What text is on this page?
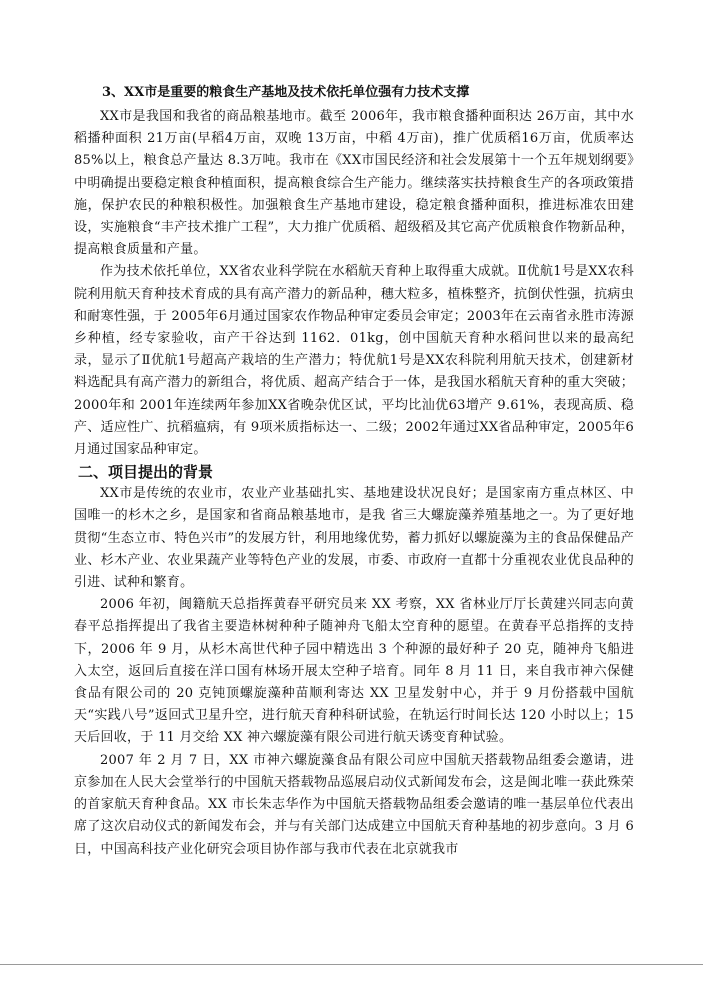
3、XX市是重要的粮食生产基地及技术依托单位强有力技术支撑

XX市是我国和我省的商品粮基地市。截至 2006年，我市粮食播种面积达 26万亩，其中水稻播种面积 21万亩(早稻4万亩，双晚 13万亩，中稻 4万亩)，推广优质稻16万亩，优质率达 85%以上，粮食总产量达 8.3万吨。我市在《XX市国民经济和社会发展第十一个五年规划纲要》中明确提出要稳定粮食种植面积，提高粮食综合生产能力。继续落实扶持粮食生产的各项政策措施，保护农民的种粮积极性。加强粮食生产基地市建设，稳定粮食播种面积，推进标准农田建设，实施粮食“丰产技术推广工程”，大力推广优质稻、超级稻及其它高产优质粮食作物新品种，提高粮食质量和产量。

作为技术依托单位，XX省农业科学院在水稻航天育种上取得重大成就。Ⅱ优航1号是XX农科院利用航天育种技术育成的具有高产潜力的新品种，穗大粒多，植株整齐，抗倒伏性强，抗病虫和耐寒性强，于 2005年6月通过国家农作物品种审定委员会审定；2003年在云南省永胜市涛源乡种植，经专家验收，亩产干谷达到 1162．01kg，创中国航天育种水稻问世以来的最高纪录，显示了Ⅱ优航1号超高产栽培的生产潜力；特优航1号是XX农科院利用航天技术，创建新材料选配具有高产潜力的新组合，将优质、超高产结合于一体，是我国水稻航天育种的重大突破；2000年和 2001年连续两年参加XX省晚杂优区试，平均比汕优63增产 9.61%，表现高质、稳产、适应性广、抗稻瘟病，有 9项米质指标达一、二级；2002年通过XX省品种审定，2005年6月通过国家品种审定。

二、项目提出的背景

XX市是传统的农业市，农业产业基础扎实、基地建设状况良好；是国家南方重点林区、中国唯一的杉木之乡，是国家和省商品粮基地市，是我 省三大螺旋藻养殖基地之一。为了更好地贯彻“生态立市、特色兴市”的发展方针，利用地缘优势，蓄力抓好以螺旋藻为主的食品保健品产业、杉木产业、农业果蔬产业等特色产业的发展，市委、市政府一直都十分重视农业优良品种的引进、试种和繁育。

2006 年初，闽籍航天总指挥黄春平研究员来 XX 考察，XX 省林业厅厅长黄建兴同志向黄春平总指挥提出了我省主要造林树种种子随神舟飞船太空育种的愿望。在黄春平总指挥的支持下，2006 年 9 月，从杉木高世代种子园中精选出 3 个种源的最好种子 20 克，随神舟飞船进入太空，返回后直接在洋口国有林场开展太空种子培育。同年 8 月 11 日，来自我市神六保健食品有限公司的 20 克钝顶螺旋藻种苗顺利寄达 XX 卫星发射中心，并于 9 月份搭载中国航天“实践八号”返回式卫星升空，进行航天育种科研试验，在轨运行时间长达 120 小时以上；15 天后回收，于 11 月交给 XX 神六螺旋藻有限公司进行航天诱变育种试验。

2007 年 2 月 7 日，XX 市神六螺旋藻食品有限公司应中国航天搭载物品组委会邀请，进京参加在人民大会堂举行的中国航天搭载物品巡展启动仪式新闻发布会，这是闽北唯一获此殊荣的首家航天育种食品。XX 市长朱志华作为中国航天搭载物品组委会邀请的唯一基层单位代表出席了这次启动仪式的新闻发布会，并与有关部门达成建立中国航天育种基地的初步意向。3 月 6 日，中国高科技产业化研究会项目协作部与我市代表在北京就我市
